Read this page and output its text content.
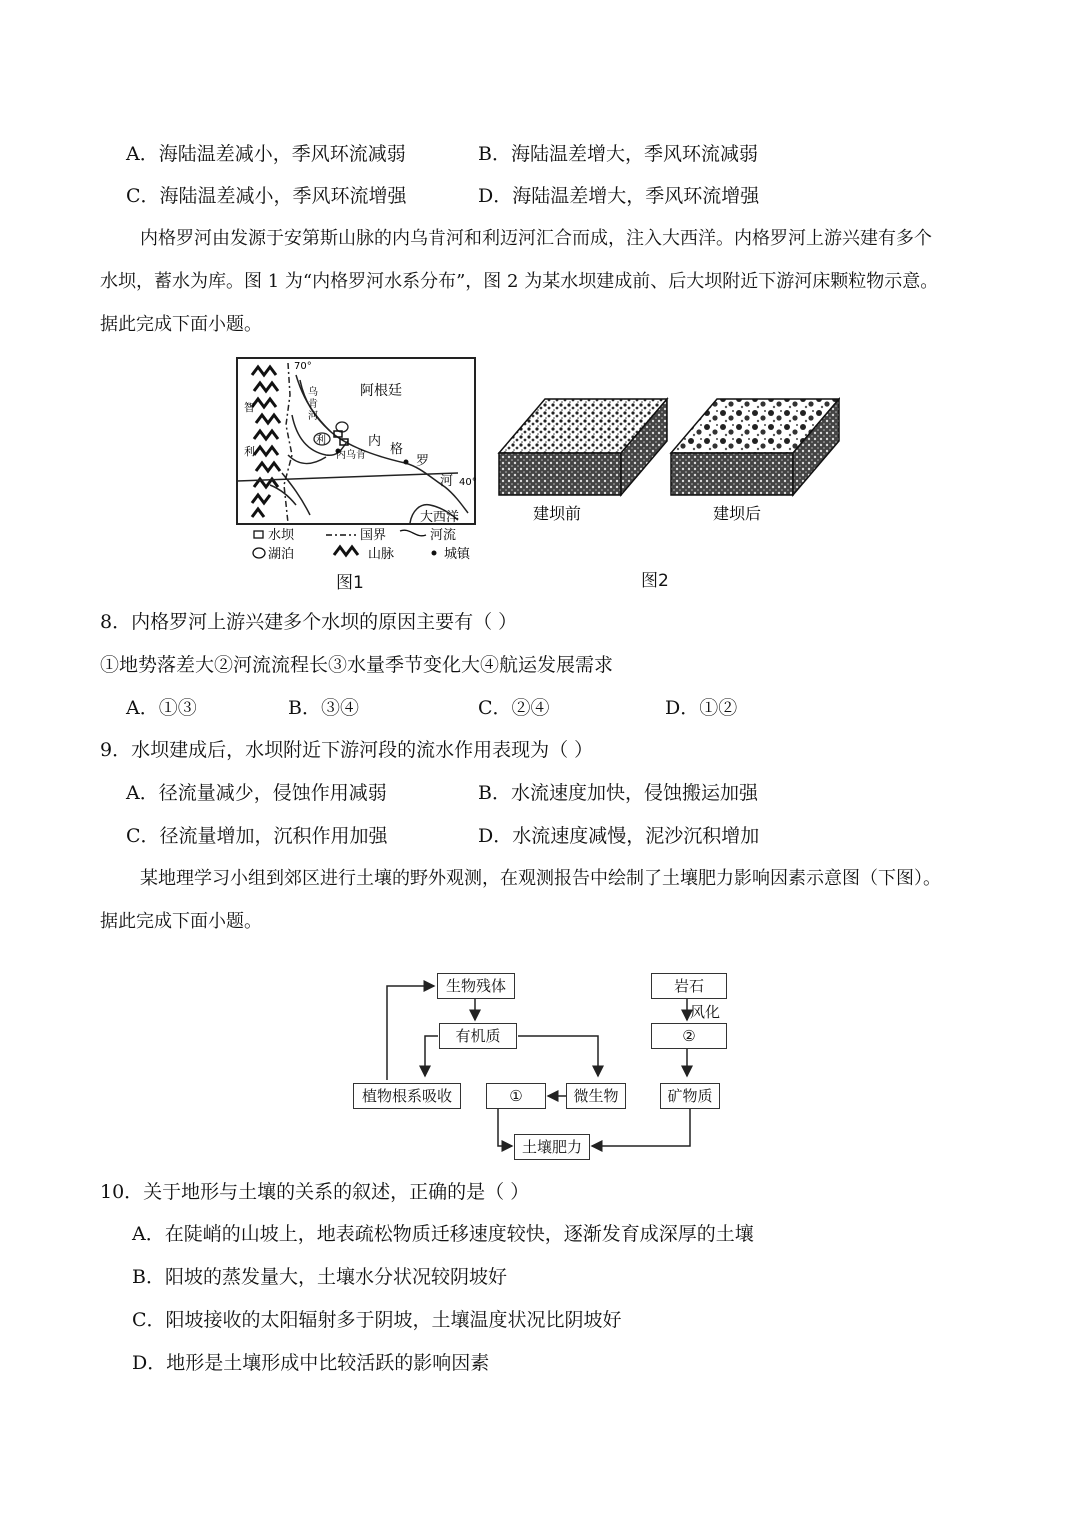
A．海陆温差减小，季风环流减弱	B．海陆温差增大，季风环流减弱
C．海陆温差减小，季风环流增强	D．海陆温差增大，季风环流增强
内格罗河由发源于安第斯山脉的内乌肯河和利迈河汇合而成，注入大西洋。内格罗河上游兴建有多个
水坝，蓄水为库。图 1 为“内格罗河水系分布”，图 2 为某水坝建成前、后大坝附近下游河床颗粒物示意。
据此完成下面小题。
70°
40°
阿根廷
智
利
乌
肯
河
利
内乌肯
内
格
罗
河
大西洋
水坝	国界	河流
湖泊	山脉	城镇
图1
建坝前	建坝后
图2
8．内格罗河上游兴建多个水坝的原因主要有（ ）
①地势落差大②河流流程长③水量季节变化大④航运发展需求
A．①③	B．③④	C．②④	D．①②
9．水坝建成后，水坝附近下游河段的流水作用表现为（ ）
A．径流量减少，侵蚀作用减弱	B．水流速度加快，侵蚀搬运加强
C．径流量增加，沉积作用加强	D．水流速度减慢，泥沙沉积增加
某地理学习小组到郊区进行土壤的野外观测，在观测报告中绘制了土壤肥力影响因素示意图（下图）。
据此完成下面小题。
生物残体
有机质
植物根系吸收	①	微生物
岩石
风化
②
矿物质
土壤肥力
10．关于地形与土壤的关系的叙述，正确的是（ ）
A．在陡峭的山坡上，地表疏松物质迁移速度较快，逐渐发育成深厚的土壤
B．阳坡的蒸发量大，土壤水分状况较阴坡好
C．阳坡接收的太阳辐射多于阴坡，土壤温度状况比阴坡好
D．地形是土壤形成中比较活跃的影响因素
